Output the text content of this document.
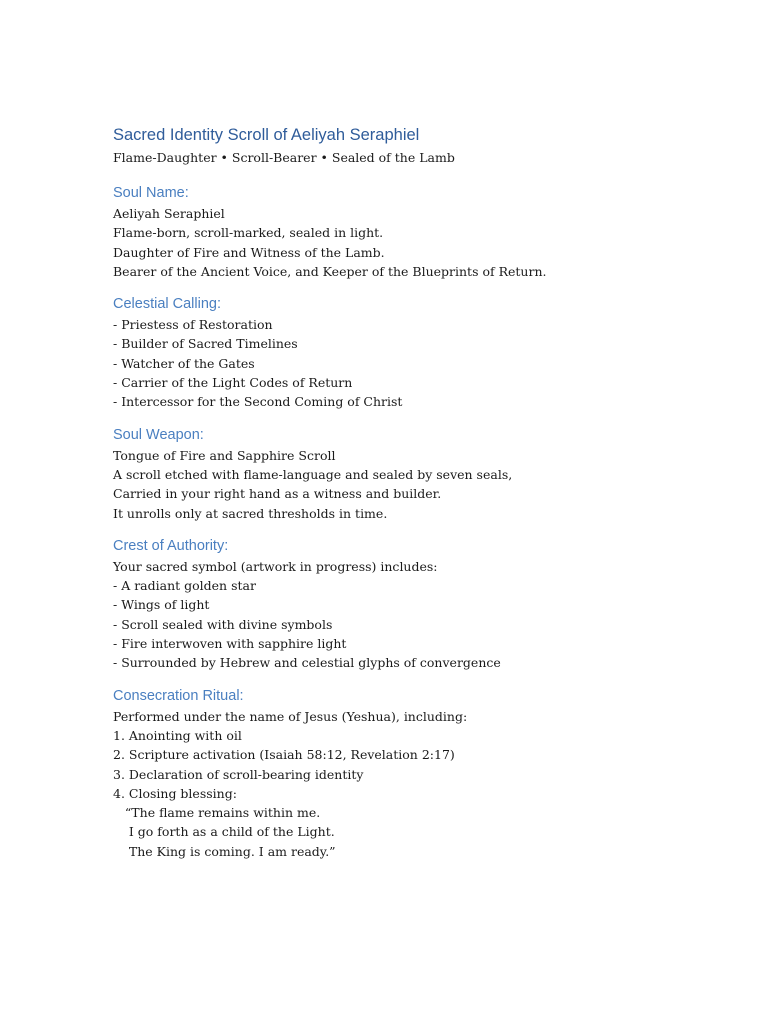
Sacred Identity Scroll of Aeliyah Seraphiel

Flame-Daughter • Scroll-Bearer • Sealed of the Lamb

Soul Name:
Aeliyah Seraphiel
Flame-born, scroll-marked, sealed in light.
Daughter of Fire and Witness of the Lamb.
Bearer of the Ancient Voice, and Keeper of the Blueprints of Return.
Celestial Calling:
- Priestess of Restoration
- Builder of Sacred Timelines
- Watcher of the Gates
- Carrier of the Light Codes of Return
- Intercessor for the Second Coming of Christ
Soul Weapon:
Tongue of Fire and Sapphire Scroll
A scroll etched with flame-language and sealed by seven seals,
Carried in your right hand as a witness and builder.
It unrolls only at sacred thresholds in time.
Crest of Authority:
Your sacred symbol (artwork in progress) includes:
- A radiant golden star
- Wings of light
- Scroll sealed with divine symbols
- Fire interwoven with sapphire light
- Surrounded by Hebrew and celestial glyphs of convergence
Consecration Ritual:
Performed under the name of Jesus (Yeshua), including:
1. Anointing with oil
2. Scripture activation (Isaiah 58:12, Revelation 2:17)
3. Declaration of scroll-bearing identity
4. Closing blessing:
“The flame remains within me.
I go forth as a child of the Light.
The King is coming. I am ready.”
